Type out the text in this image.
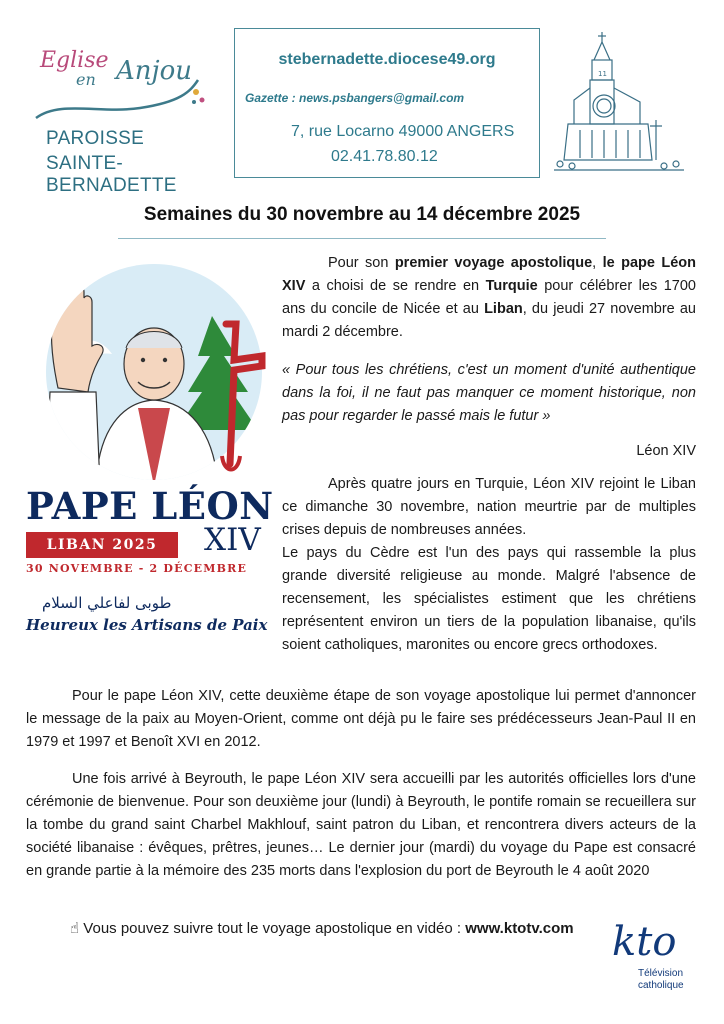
Eglise
en Anjou
PAROISSE
SAINTE-BERNADETTE
stebernadette.diocese49.org
Gazette : news.psbangers@gmail.com
7, rue Locarno 49000 ANGERS
02.41.78.80.12
11
Semaines du 30 novembre au 14 décembre 2025
PAPE LÉON
LIBAN 2025	XIV
30 NOVEMBRE - 2 DÉCEMBRE
طوبى لفاعلي السلام
Heureux les Artisans de Paix

Pour son premier voyage apostolique, le pape Léon XIV a choisi de se rendre en Turquie pour célébrer les 1700 ans du concile de Nicée et au Liban, du jeudi 27 novembre au mardi 2 décembre.

« Pour tous les chrétiens, c'est un moment d'unité authentique dans la foi, il ne faut pas manquer ce moment historique, non pas pour regarder le passé mais le futur »

Léon XIV

Après quatre jours en Turquie, Léon XIV rejoint le Liban ce dimanche 30 novembre, nation meurtrie par de multiples crises depuis de nombreuses années.

Le pays du Cèdre est l'un des pays qui rassemble la plus grande diversité religieuse au monde. Malgré l'absence de recensement, les spécialistes estiment que les chrétiens représentent environ un tiers de la population libanaise, qu'ils soient catholiques, maronites ou encore grecs orthodoxes.

Pour le pape Léon XIV, cette deuxième étape de son voyage apostolique lui permet d'annoncer le message de la paix au Moyen-Orient, comme ont déjà pu le faire ses prédécesseurs Jean-Paul II en 1979 et 1997 et Benoît XVI en 2012.

Une fois arrivé à Beyrouth, le pape Léon XIV sera accueilli par les autorités officielles lors d'une cérémonie de bienvenue. Pour son deuxième jour (lundi) à Beyrouth, le pontife romain se recueillera sur la tombe du grand saint Charbel Makhlouf, saint patron du Liban, et rencontrera divers acteurs de la société libanaise : évêques, prêtres, jeunes… Le dernier jour (mardi) du voyage du Pape est consacré en grande partie à la mémoire des 235 morts dans l'explosion du port de Beyrouth le 4 août 2020

☝ Vous pouvez suivre tout le voyage apostolique en vidéo : www.ktotv.com kto
Télévision
catholique
